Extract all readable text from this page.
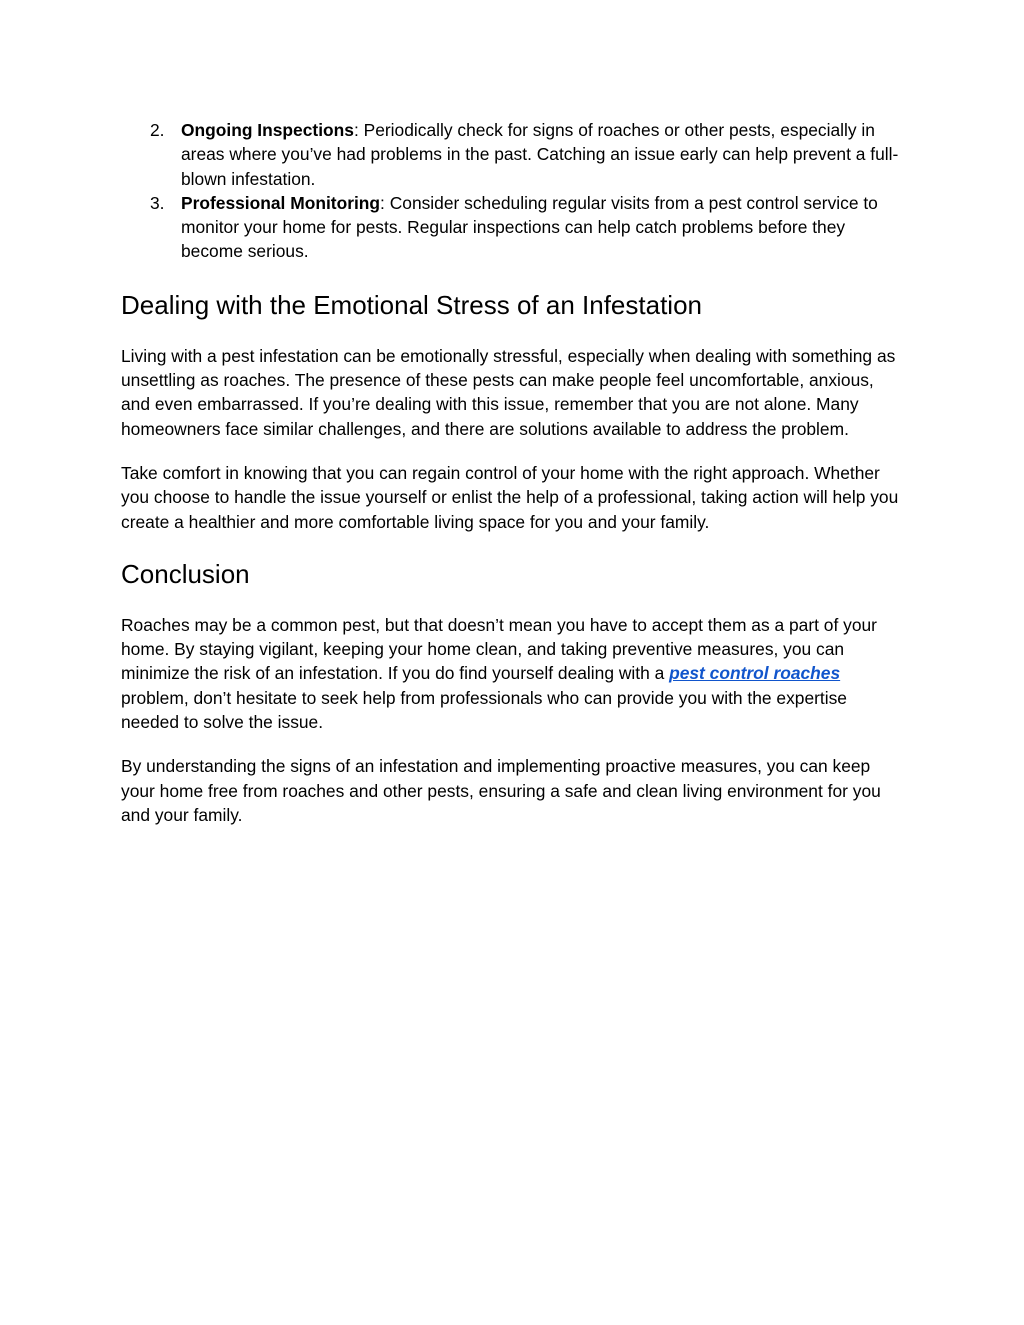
2. Ongoing Inspections: Periodically check for signs of roaches or other pests, especially in areas where you’ve had problems in the past. Catching an issue early can help prevent a full-blown infestation.
3. Professional Monitoring: Consider scheduling regular visits from a pest control service to monitor your home for pests. Regular inspections can help catch problems before they become serious.
Dealing with the Emotional Stress of an Infestation

Living with a pest infestation can be emotionally stressful, especially when dealing with something as unsettling as roaches. The presence of these pests can make people feel uncomfortable, anxious, and even embarrassed. If you’re dealing with this issue, remember that you are not alone. Many homeowners face similar challenges, and there are solutions available to address the problem.

Take comfort in knowing that you can regain control of your home with the right approach. Whether you choose to handle the issue yourself or enlist the help of a professional, taking action will help you create a healthier and more comfortable living space for you and your family.

Conclusion

Roaches may be a common pest, but that doesn’t mean you have to accept them as a part of your home. By staying vigilant, keeping your home clean, and taking preventive measures, you can minimize the risk of an infestation. If you do find yourself dealing with a pest control roaches problem, don’t hesitate to seek help from professionals who can provide you with the expertise needed to solve the issue.

By understanding the signs of an infestation and implementing proactive measures, you can keep your home free from roaches and other pests, ensuring a safe and clean living environment for you and your family.
